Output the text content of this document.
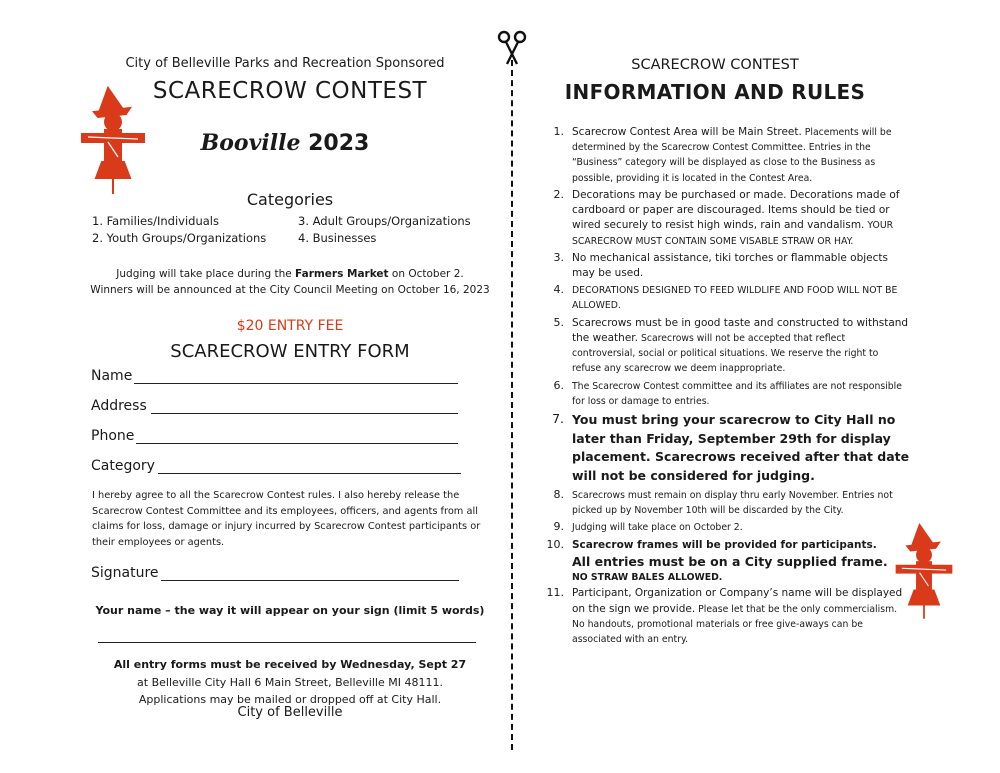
City of Belleville Parks and Recreation Sponsored
SCARECROW CONTEST
Booville 2023
Categories
1. Families/Individuals
2. Youth Groups/Organizations
3. Adult Groups/Organizations
4. Businesses
Judging will take place during the Farmers Market on October 2.
Winners will be announced at the City Council Meeting on October 16, 2023
$20 ENTRY FEE
SCARECROW ENTRY FORM
Name
Address
Phone
Category
I hereby agree to all the Scarecrow Contest rules. I also hereby release the Scarecrow Contest Committee and its employees, officers, and agents from all claims for loss, damage or injury incurred by Scarecrow Contest participants or their employees or agents.
Signature
Your name – the way it will appear on your sign (limit 5 words)
All entry forms must be received by Wednesday, Sept 27
at Belleville City Hall 6 Main Street, Belleville MI 48111.
Applications may be mailed or dropped off at City Hall.
City of Belleville
SCARECROW CONTEST
INFORMATION AND RULES
1. Scarecrow Contest Area will be Main Street. Placements will be determined by the Scarecrow Contest Committee. Entries in the “Business” category will be displayed as close to the Business as possible, providing it is located in the Contest Area.
2. Decorations may be purchased or made. Decorations made of cardboard or paper are discouraged. Items should be tied or wired securely to resist high winds, rain and vandalism. YOUR SCARECROW MUST CONTAIN SOME VISABLE STRAW OR HAY.
3. No mechanical assistance, tiki torches or flammable objects may be used.
4. DECORATIONS DESIGNED TO FEED WILDLIFE AND FOOD WILL NOT BE ALLOWED.
5. Scarecrows must be in good taste and constructed to withstand the weather. Scarecrows will not be accepted that reflect controversial, social or political situations. We reserve the right to refuse any scarecrow we deem inappropriate.
6. The Scarecrow Contest committee and its affiliates are not responsible for loss or damage to entries.
7. You must bring your scarecrow to City Hall no later than Friday, September 29th for display placement. Scarecrows received after that date will not be considered for judging.
8. Scarecrows must remain on display thru early November. Entries not picked up by November 10th will be discarded by the City.
9. Judging will take place on October 2.
10. Scarecrow frames will be provided for participants.
All entries must be on a City supplied frame.
NO STRAW BALES ALLOWED.
11. Participant, Organization or Company’s name will be displayed on the sign we provide. Please let that be the only commercialism. No handouts, promotional materials or free give-aways can be associated with an entry.
